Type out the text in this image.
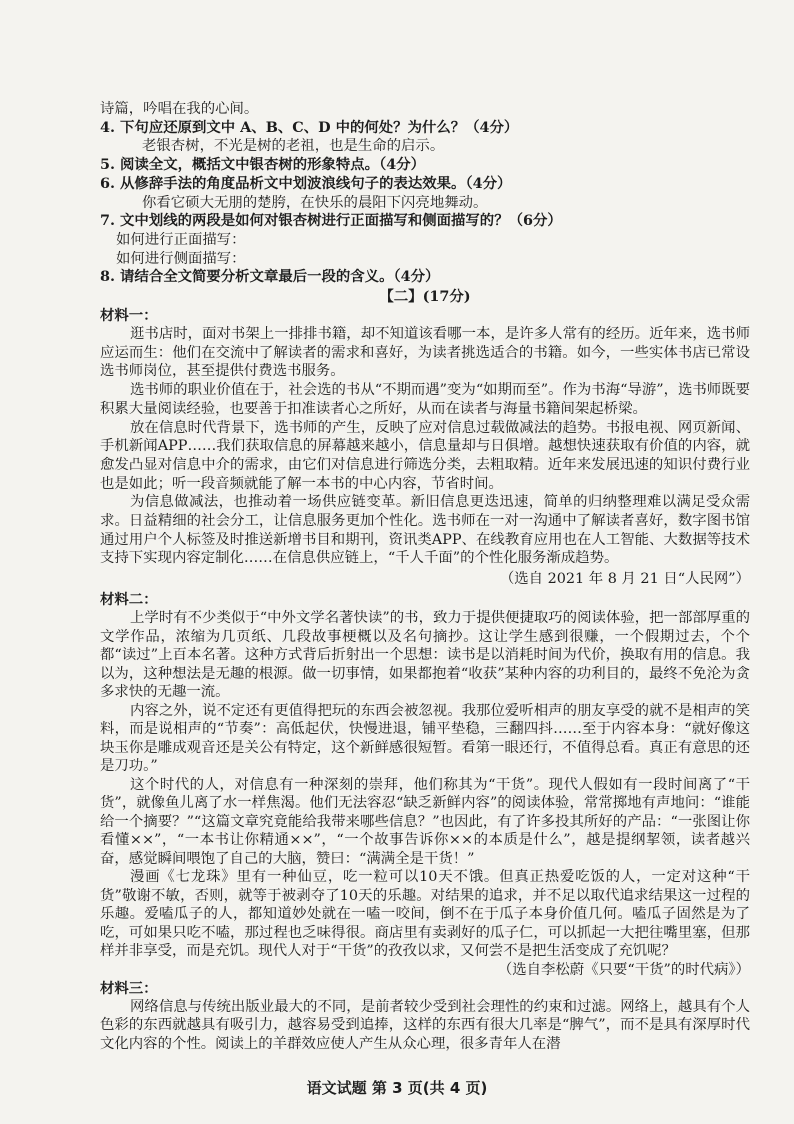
诗篇，吟唱在我的心间。
4. 下句应还原到文中 A、B、C、D 中的何处？为什么？（4分）
老银杏树，不光是树的老祖，也是生命的启示。
5. 阅读全文，概括文中银杏树的形象特点。（4分）
6. 从修辞手法的角度品析文中划波浪线句子的表达效果。（4分）
你看它硕大无朋的楚胯，在快乐的晨阳下闪亮地舞动。
7. 文中划线的两段是如何对银杏树进行正面描写和侧面描写的？（6分）
如何进行正面描写：
如何进行侧面描写：
8. 请结合全文简要分析文章最后一段的含义。（4分）
【二】(17分)
材料一：

逛书店时，面对书架上一排排书籍，却不知道该看哪一本，是许多人常有的经历。近年来，选书师应运而生：他们在交流中了解读者的需求和喜好，为读者挑选适合的书籍。如今，一些实体书店已常设选书师岗位，甚至提供付费选书服务。

选书师的职业价值在于，社会选的书从“不期而遇”变为“如期而至”。作为书海“导游”，选书师既要积累大量阅读经验，也要善于扣准读者心之所好，从而在读者与海量书籍间架起桥梁。

放在信息时代背景下，选书师的产生，反映了应对信息过载做减法的趋势。书报电视、网页新闻、手机新闻APP……我们获取信息的屏幕越来越小，信息量却与日俱增。越想快速获取有价值的内容，就愈发凸显对信息中介的需求，由它们对信息进行筛选分类，去粗取精。近年来发展迅速的知识付费行业也是如此；听一段音频就能了解一本书的中心内容，节省时间。

为信息做减法，也推动着一场供应链变革。新旧信息更迭迅速，简单的归纳整理难以满足受众需求。日益精细的社会分工，让信息服务更加个性化。选书师在一对一沟通中了解读者喜好，数字图书馆通过用户个人标签及时推送新增书目和期刊，资讯类APP、在线教育应用也在人工智能、大数据等技术支持下实现内容定制化……在信息供应链上，“千人千面”的个性化服务渐成趋势。

（选自 2021 年 8 月 21 日“人民网”）
材料二：

上学时有不少类似于“中外文学名著快读”的书，致力于提供便捷取巧的阅读体验，把一部部厚重的文学作品，浓缩为几页纸、几段故事梗概以及名句摘抄。这让学生感到很赚，一个假期过去，个个都“读过”上百本名著。这种方式背后折射出一个思想：读书是以消耗时间为代价，换取有用的信息。我以为，这种想法是无趣的根源。做一切事情，如果都抱着“收获”某种内容的功利目的，最终不免沦为贪多求快的无趣一流。

内容之外，说不定还有更值得把玩的东西会被忽视。我那位爱听相声的朋友享受的就不是相声的笑料，而是说相声的“节奏”：高低起伏，快慢进退，铺平垫稳，三翻四抖……至于内容本身：“就好像这块玉你是雕成观音还是关公有特定，这个新鲜感很短暂。看第一眼还行，不值得总看。真正有意思的还是刀功。”

这个时代的人，对信息有一种深刻的崇拜，他们称其为“干货”。现代人假如有一段时间离了“干货”，就像鱼儿离了水一样焦渴。他们无法容忍“缺乏新鲜内容”的阅读体验，常常掷地有声地问：“谁能给一个摘要？”“这篇文章究竟能给我带来哪些信息？”也因此，有了许多投其所好的产品：“一张图让你看懂××”，“一本书让你精通××”，“一个故事告诉你××的本质是什么”，越是提纲挈领，读者越兴奋，感觉瞬间喂饱了自己的大脑，赞曰：“满满全是干货！”

漫画《七龙珠》里有一种仙豆，吃一粒可以10天不饿。但真正热爱吃饭的人，一定对这种“干货”敬谢不敏，否则，就等于被剥夺了10天的乐趣。对结果的追求，并不足以取代追求结果这一过程的乐趣。爱嗑瓜子的人，都知道妙处就在一嗑一咬间，倒不在于瓜子本身价值几何。嗑瓜子固然是为了吃，可如果只吃不嗑，那过程也乏味得很。商店里有卖剥好的瓜子仁，可以抓起一大把往嘴里塞，但那样并非享受，而是充饥。现代人对于“干货”的孜孜以求，又何尝不是把生活变成了充饥呢？

（选自李松蔚《只要“干货”的时代病》）
材料三：

网络信息与传统出版业最大的不同，是前者较少受到社会理性的约束和过滤。网络上，越具有个人色彩的东西就越具有吸引力，越容易受到追捧，这样的东西有很大几率是“脾气”，而不是具有深厚时代文化内容的个性。阅读上的羊群效应使人产生从众心理，很多青年人在潜

语文试题 第 3 页(共 4 页)
